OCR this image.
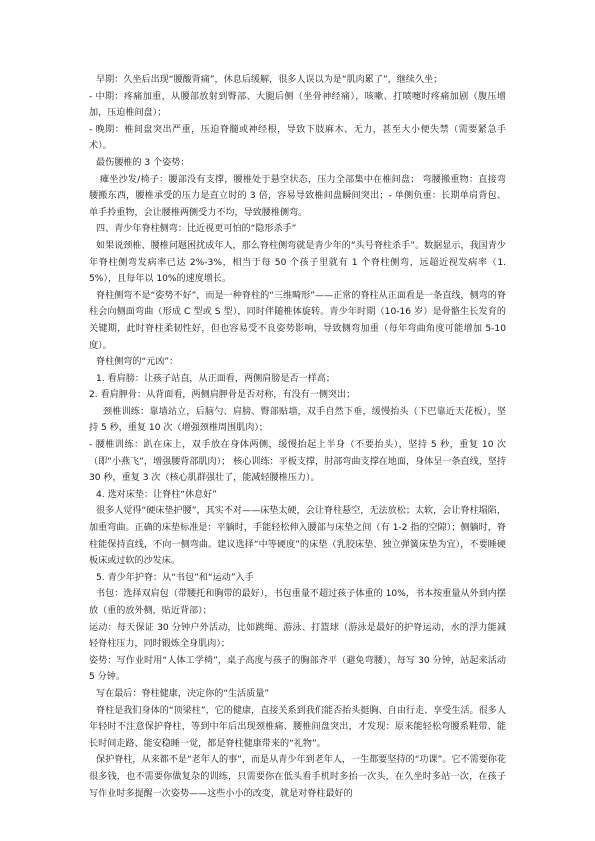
早期：久坐后出现“腰酸背痛”，休息后缓解，很多人误以为是“肌肉累了”，继续久坐；

- 中期：疼痛加重，从腰部放射到臀部、大腿后侧（坐骨神经痛），咳嗽、打喷嚏时疼痛加剧（腹压增加，压迫椎间盘）；

- 晚期：椎间盘突出严重，压迫脊髓或神经根，导致下肢麻木、无力，甚至大小便失禁（需要紧急手术）。

最伤腰椎的 3 个姿势：

瘫坐沙发/椅子：腰部没有支撑，腰椎处于悬空状态，压力全部集中在椎间盘； 弯腰搬重物：直接弯腰搬东西，腰椎承受的压力是直立时的 3 倍，容易导致椎间盘瞬间突出；- 单侧负重：长期单肩背包、单手拎重物，会让腰椎两侧受力不均，导致腰椎侧弯。

四、青少年脊柱侧弯：比近视更可怕的“隐形杀手”

如果说颈椎、腰椎问题困扰成年人，那么脊柱侧弯就是青少年的“头号脊柱杀手”。数据显示，我国青少年脊柱侧弯发病率已达 2%-3%，相当于每 50 个孩子里就有 1 个脊柱侧弯，远超近视发病率（1.5%），且每年以 10%的速度增长。

脊柱侧弯不是“姿势不好”，而是一种脊柱的“三维畸形”——正常的脊柱从正面看是一条直线，侧弯的脊柱会向侧面弯曲（形成 C 型或 S 型），同时伴随椎体旋转。青少年时期（10-16 岁）是骨骼生长发育的关键期，此时脊柱柔韧性好，但也容易受不良姿势影响，导致侧弯加重（每年弯曲角度可能增加 5-10 度）。

脊柱侧弯的“元凶”：

1. 看肩膀：让孩子站直，从正面看，两侧肩膀是否一样高；

2. 看肩胛骨：从背面看，两侧肩胛骨是否对称，有没有一侧突出；

颈椎训练：靠墙站立，后脑勺、肩膀、臀部贴墙，双手自然下垂，缓慢抬头（下巴靠近天花板），坚持 5 秒，重复 10 次（增强颈椎周围肌肉）；

- 腰椎训练：趴在床上，双手放在身体两侧，缓慢抬起上半身（不要抬头），坚持 5 秒，重复 10 次（即“小燕飞”，增强腰背部肌肉）； 核心训练：平板支撑，肘部弯曲支撑在地面，身体呈一条直线，坚持 30 秒，重复 3 次（核心肌群强壮了，能减轻腰椎压力）。

4. 选对床垫：让脊柱“休息好”

很多人觉得“硬床垫护腰”，其实不对——床垫太硬，会让脊柱悬空，无法放松；太软，会让脊柱塌陷，加重弯曲。正确的床垫标准是：平躺时，手能轻松伸入腰部与床垫之间（有 1-2 指的空隙）；侧躺时，脊柱能保持直线，不向一侧弯曲。建议选择“中等硬度”的床垫（乳胶床垫、独立弹簧床垫为宜），不要睡硬板床或过软的沙发床。

5. 青少年护脊：从“书包”和“运动”入手

书包：选择双肩包（带腰托和胸带的最好），书包重量不超过孩子体重的 10%，书本按重量从外到内摆放（重的放外侧，贴近背部）；

运动：每天保证 30 分钟户外活动，比如跳绳、游泳、打篮球（游泳是最好的护脊运动，水的浮力能减轻脊柱压力，同时锻炼全身肌肉）；

姿势：写作业时用“人体工学椅”，桌子高度与孩子的胸部齐平（避免弯腰），每写 30 分钟，站起来活动 5 分钟。

写在最后：脊柱健康，决定你的“生活质量”

脊柱是我们身体的“顶梁柱”，它的健康，直接关系到我们能否抬头挺胸、自由行走、享受生活。很多人年轻时不注意保护脊柱，等到中年后出现颈椎痛、腰椎间盘突出，才发现：原来能轻松弯腰系鞋带、能长时间走路、能安稳睡一觉，都是脊柱健康带来的“礼物”。

保护脊柱，从来都不是“老年人的事”，而是从青少年到老年人，一生都要坚持的“功课”。它不需要你花很多钱，也不需要你做复杂的训练，只需要你在低头看手机时多抬一次头，在久坐时多站一次，在孩子写作业时多提醒一次姿势——这些小小的改变，就是对脊柱最好的
